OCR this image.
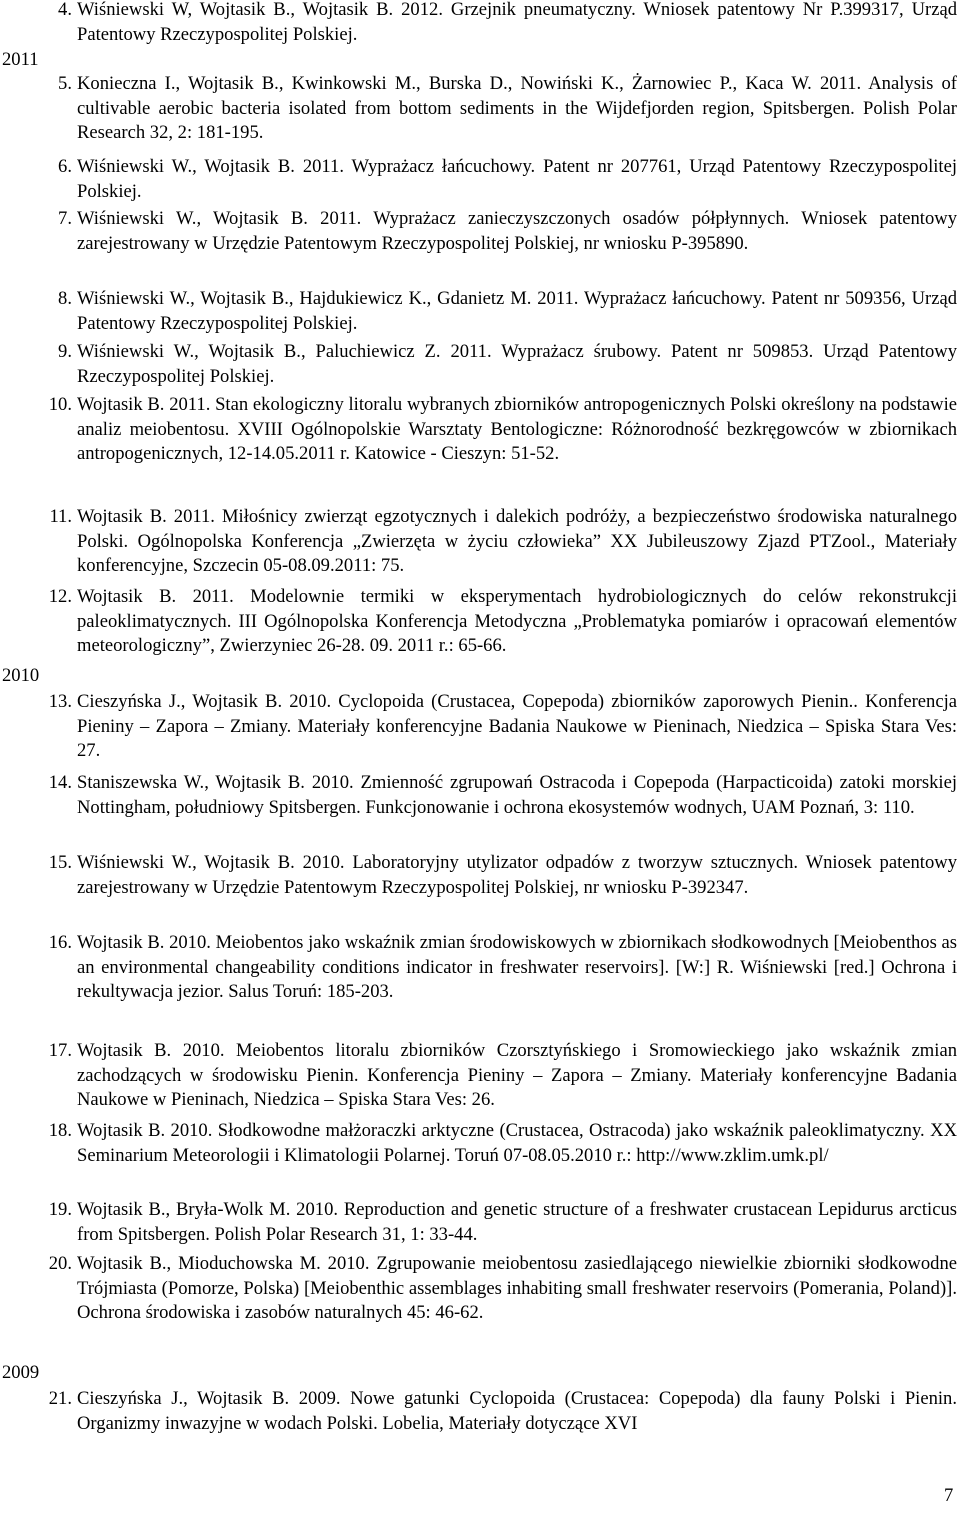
4. Wiśniewski W, Wojtasik B., Wojtasik B. 2012. Grzejnik pneumatyczny. Wniosek patentowy Nr P.399317, Urząd Patentowy Rzeczypospolitej Polskiej.
2011
5. Konieczna I., Wojtasik B., Kwinkowski M., Burska D., Nowiński K., Żarnowiec P., Kaca W. 2011. Analysis of cultivable aerobic bacteria isolated from bottom sediments in the Wijdefjorden region, Spitsbergen. Polish Polar Research 32, 2: 181-195.
6. Wiśniewski W., Wojtasik B. 2011. Wyprażacz łańcuchowy. Patent nr 207761, Urząd Patentowy Rzeczypospolitej Polskiej.
7. Wiśniewski W., Wojtasik B. 2011. Wyprażacz zanieczyszczonych osadów półpłynnych. Wniosek patentowy zarejestrowany w Urzędzie Patentowym Rzeczypospolitej Polskiej, nr wniosku P-395890.
8. Wiśniewski W., Wojtasik B., Hajdukiewicz K., Gdanietz M. 2011. Wyprażacz łańcuchowy. Patent nr 509356, Urząd Patentowy Rzeczypospolitej Polskiej.
9. Wiśniewski W., Wojtasik B., Paluchiewicz Z. 2011. Wyprażacz śrubowy. Patent nr 509853. Urząd Patentowy Rzeczypospolitej Polskiej.
10. Wojtasik B. 2011. Stan ekologiczny litoralu wybranych zbiorników antropogenicznych Polski określony na podstawie analiz meiobentosu. XVIII Ogólnopolskie Warsztaty Bentologiczne: Różnorodność bezkręgowców w zbiornikach antropogenicznych, 12-14.05.2011 r. Katowice - Cieszyn: 51-52.
11. Wojtasik B. 2011. Miłośnicy zwierząt egzotycznych i dalekich podróży, a bezpieczeństwo środowiska naturalnego Polski. Ogólnopolska Konferencja „Zwierzęta w życiu człowieka” XX Jubileuszowy Zjazd PTZool., Materiały konferencyjne, Szczecin 05-08.09.2011: 75.
12. Wojtasik B. 2011. Modelownie termiki w eksperymentach hydrobiologicznych do celów rekonstrukcji paleoklimatycznych. III Ogólnopolska Konferencja Metodyczna „Problematyka pomiarów i opracowań elementów meteorologiczny”, Zwierzyniec 26-28. 09. 2011 r.: 65-66.
2010
13. Cieszyńska J., Wojtasik B. 2010. Cyclopoida (Crustacea, Copepoda) zbiorników zaporowych Pienin.. Konferencja Pieniny – Zapora – Zmiany. Materiały konferencyjne Badania Naukowe w Pieninach, Niedzica – Spiska Stara Ves: 27.
14. Staniszewska W., Wojtasik B. 2010. Zmienność zgrupowań Ostracoda i Copepoda (Harpacticoida) zatoki morskiej Nottingham, południowy Spitsbergen. Funkcjonowanie i ochrona ekosystemów wodnych, UAM Poznań, 3: 110.
15. Wiśniewski W., Wojtasik B. 2010. Laboratoryjny utylizator odpadów z tworzyw sztucznych. Wniosek patentowy zarejestrowany w Urzędzie Patentowym Rzeczypospolitej Polskiej, nr wniosku P-392347.
16. Wojtasik B. 2010. Meiobentos jako wskaźnik zmian środowiskowych w zbiornikach słodkowodnych [Meiobenthos as an environmental changeability conditions indicator in freshwater reservoirs]. [W:] R. Wiśniewski [red.] Ochrona i rekultywacja jezior. Salus Toruń: 185-203.
17. Wojtasik B. 2010. Meiobentos litoralu zbiorników Czorsztyńskiego i Sromowieckiego jako wskaźnik zmian zachodzących w środowisku Pienin. Konferencja Pieniny – Zapora – Zmiany. Materiały konferencyjne Badania Naukowe w Pieninach, Niedzica – Spiska Stara Ves: 26.
18. Wojtasik B. 2010. Słodkowodne małżoraczki arktyczne (Crustacea, Ostracoda) jako wskaźnik paleoklimatyczny. XX Seminarium Meteorologii i Klimatologii Polarnej. Toruń 07-08.05.2010 r.: http://www.zklim.umk.pl/
19. Wojtasik B., Bryła-Wolk M. 2010. Reproduction and genetic structure of a freshwater crustacean Lepidurus arcticus from Spitsbergen. Polish Polar Research 31, 1: 33-44.
20. Wojtasik B., Mioduchowska M. 2010. Zgrupowanie meiobentosu zasiedlającego niewielkie zbiorniki słodkowodne Trójmiasta (Pomorze, Polska) [Meiobenthic assemblages inhabiting small freshwater reservoirs (Pomerania, Poland)]. Ochrona środowiska i zasobów naturalnych 45: 46-62.
2009
21. Cieszyńska J., Wojtasik B. 2009. Nowe gatunki Cyclopoida (Crustacea: Copepoda) dla fauny Polski i Pienin. Organizmy inwazyjne w wodach Polski. Lobelia, Materiały dotyczące XVI
7
